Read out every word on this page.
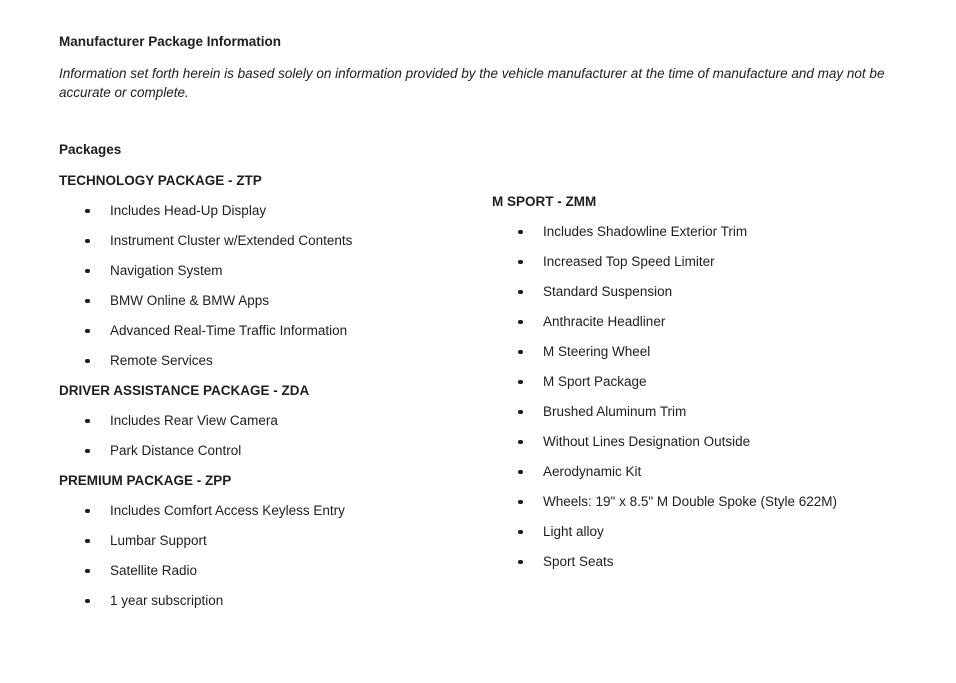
Manufacturer Package Information
Information set forth herein is based solely on information provided by the vehicle manufacturer at the time of manufacture and may not be accurate or complete.
Packages
TECHNOLOGY PACKAGE - ZTP
Includes Head-Up Display
Instrument Cluster w/Extended Contents
Navigation System
BMW Online & BMW Apps
Advanced Real-Time Traffic Information
Remote Services
DRIVER ASSISTANCE PACKAGE - ZDA
Includes Rear View Camera
Park Distance Control
PREMIUM PACKAGE - ZPP
Includes Comfort Access Keyless Entry
Lumbar Support
Satellite Radio
1 year subscription
M SPORT - ZMM
Includes Shadowline Exterior Trim
Increased Top Speed Limiter
Standard Suspension
Anthracite Headliner
M Steering Wheel
M Sport Package
Brushed Aluminum Trim
Without Lines Designation Outside
Aerodynamic Kit
Wheels: 19" x 8.5" M Double Spoke (Style 622M)
Light alloy
Sport Seats
